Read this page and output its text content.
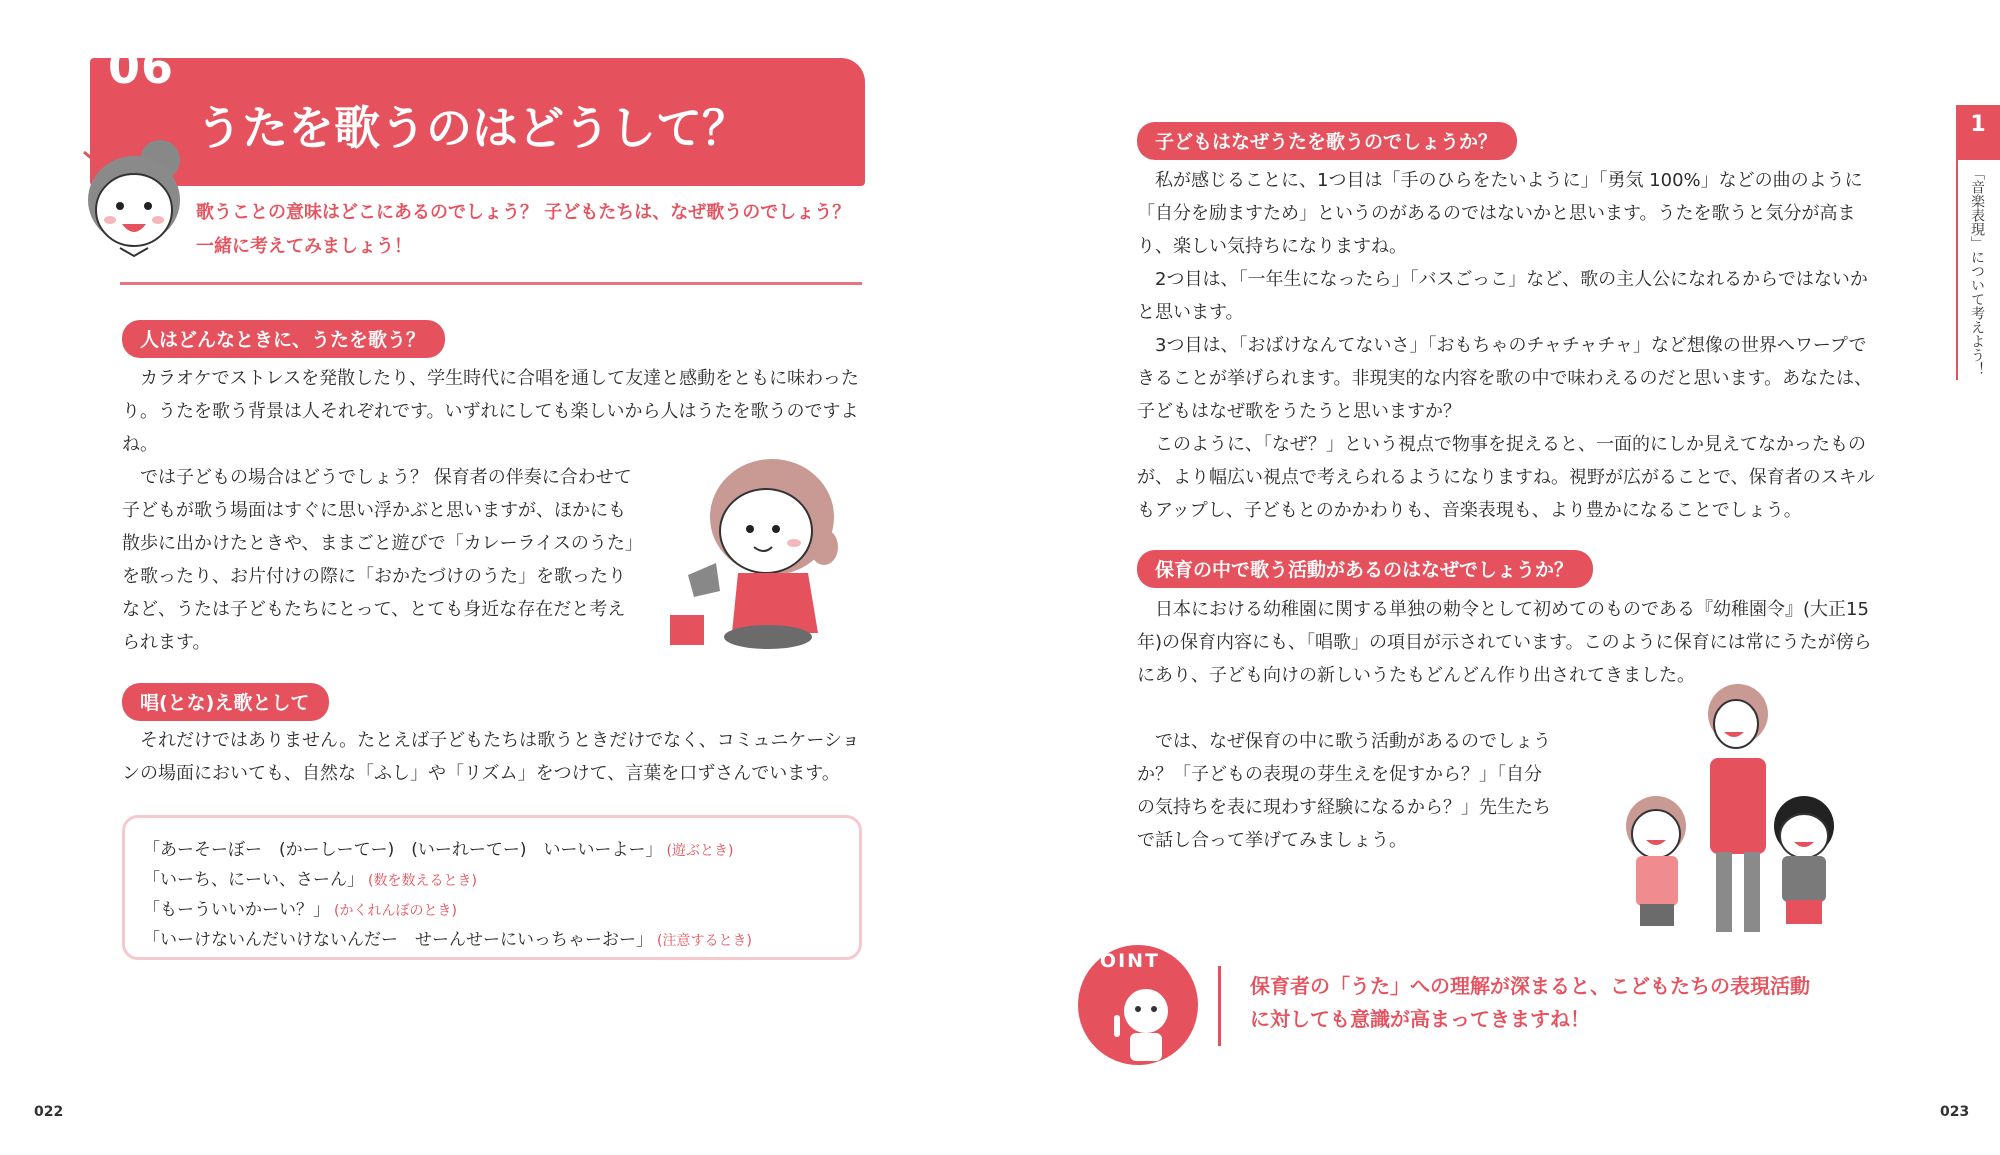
06
うたを歌うのはどうして？
歌うことの意味はどこにあるのでしょう？ 子どもたちは、なぜ歌うのでしょう？
一緒に考えてみましょう！
人はどんなときに、うたを歌う？

カラオケでストレスを発散したり、学生時代に合唱を通して友達と感動をともに味わったり。うたを歌う背景は人それぞれです。いずれにしても楽しいから人はうたを歌うのですよね。

では子どもの場合はどうでしょう？ 保育者の伴奏に合わせて子どもが歌う場面はすぐに思い浮かぶと思いますが、ほかにも散歩に出かけたときや、ままごと遊びで「カレーライスのうた」を歌ったり、お片付けの際に「おかたづけのうた」を歌ったりなど、うたは子どもたちにとって、とても身近な存在だと考えられます。

唱(とな)え歌として

それだけではありません。たとえば子どもたちは歌うときだけでなく、コミュニケーションの場面においても、自然な「ふし」や「リズム」をつけて、言葉を口ずさんでいます。

「あーそーぼー　(かーしーてー)　(いーれーてー)　いーいーよー」 (遊ぶとき)
「いーち、にーい、さーん」 (数を数えるとき)
「もーういいかーい？」 (かくれんぼのとき)
「いーけないんだいけないんだー　せーんせーにいっちゃーおー」 (注意するとき)
022
子どもはなぜうたを歌うのでしょうか？

私が感じることに、1つ目は「手のひらをたいように」「勇気 100%」などの曲のように「自分を励ますため」というのがあるのではないかと思います。うたを歌うと気分が高まり、楽しい気持ちになりますね。

2つ目は、「一年生になったら」「バスごっこ」など、歌の主人公になれるからではないかと思います。

3つ目は、「おばけなんてないさ」「おもちゃのチャチャチャ」など想像の世界へワープできることが挙げられます。非現実的な内容を歌の中で味わえるのだと思います。あなたは、子どもはなぜ歌をうたうと思いますか？

このように、「なぜ？」という視点で物事を捉えると、一面的にしか見えてなかったものが、より幅広い視点で考えられるようになりますね。視野が広がることで、保育者のスキルもアップし、子どもとのかかわりも、音楽表現も、より豊かになることでしょう。

保育の中で歌う活動があるのはなぜでしょうか？

日本における幼稚園に関する単独の勅令として初めてのものである『幼稚園令』(大正15年)の保育内容にも、「唱歌」の項目が示されています。このように保育には常にうたが傍らにあり、子ども向けの新しいうたもどんどん作り出されてきました。

では、なぜ保育の中に歌う活動があるのでしょうか？「子どもの表現の芽生えを促すから？」「自分の気持ちを表に現わす経験になるから？」先生たちで話し合って挙げてみましょう。

POINT
保育者の「うた」への理解が深まると、こどもたちの表現活動
に対しても意識が高まってきますね！
1
「音楽表現」について考えよう！
023
